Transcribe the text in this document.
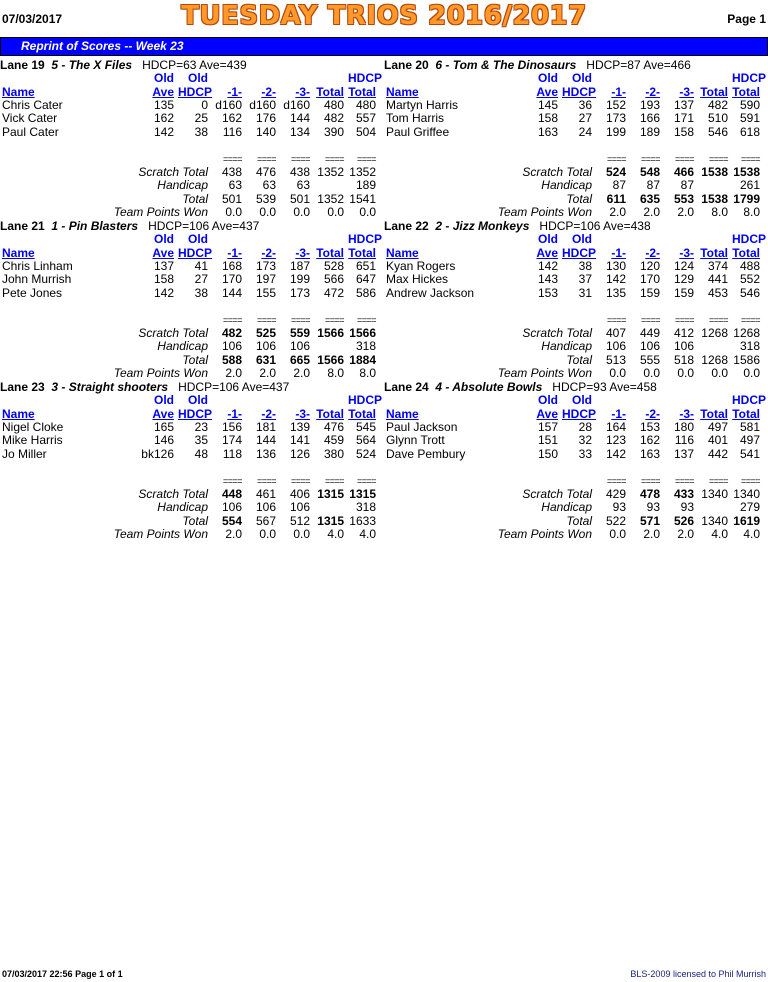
07/03/2017	TUESDAY TRIOS 2016/2017	Page 1
Reprint of Scores -- Week 23
Lane 19 5 - The X Files HDCP=63 Ave=439
	Old	Old					HDCP
Name	Ave	HDCP	-1-	-2-	-3-	Total	Total
Chris Cater	135	0	d160	d160	d160	480	480
Vick Cater	162	25	162	176	144	482	557
Paul Cater	142	38	116	140	134	390	504

			====	====	====	====	====
Scratch Total			438	476	438	1352	1352
Handicap			63	63	63		189
Total			501	539	501	1352	1541
Team Points Won			0.0	0.0	0.0	0.0	0.0
Lane 20 6 - Tom & The Dinosaurs HDCP=87 Ave=466
	Old	Old					HDCP
Name	Ave	HDCP	-1-	-2-	-3-	Total	Total
Martyn Harris	145	36	152	193	137	482	590
Tom Harris	158	27	173	166	171	510	591
Paul Griffee	163	24	199	189	158	546	618

			====	====	====	====	====
Scratch Total			524	548	466	1538	1538
Handicap			87	87	87		261
Total			611	635	553	1538	1799
Team Points Won			2.0	2.0	2.0	8.0	8.0
Lane 21 1 - Pin Blasters HDCP=106 Ave=437
	Old	Old					HDCP
Name	Ave	HDCP	-1-	-2-	-3-	Total	Total
Chris Linham	137	41	168	173	187	528	651
John Murrish	158	27	170	197	199	566	647
Pete Jones	142	38	144	155	173	472	586

			====	====	====	====	====
Scratch Total			482	525	559	1566	1566
Handicap			106	106	106		318
Total			588	631	665	1566	1884
Team Points Won			2.0	2.0	2.0	8.0	8.0
Lane 22 2 - Jizz Monkeys HDCP=106 Ave=438
	Old	Old					HDCP
Name	Ave	HDCP	-1-	-2-	-3-	Total	Total
Kyan Rogers	142	38	130	120	124	374	488
Max Hickes	143	37	142	170	129	441	552
Andrew Jackson	153	31	135	159	159	453	546

			====	====	====	====	====
Scratch Total			407	449	412	1268	1268
Handicap			106	106	106		318
Total			513	555	518	1268	1586
Team Points Won			0.0	0.0	0.0	0.0	0.0
Lane 23 3 - Straight shooters HDCP=106 Ave=437
	Old	Old					HDCP
Name	Ave	HDCP	-1-	-2-	-3-	Total	Total
Nigel Cloke	165	23	156	181	139	476	545
Mike Harris	146	35	174	144	141	459	564
Jo Miller	bk126	48	118	136	126	380	524

			====	====	====	====	====
Scratch Total			448	461	406	1315	1315
Handicap			106	106	106		318
Total			554	567	512	1315	1633
Team Points Won			2.0	0.0	0.0	4.0	4.0
Lane 24 4 - Absolute Bowls HDCP=93 Ave=458
	Old	Old					HDCP
Name	Ave	HDCP	-1-	-2-	-3-	Total	Total
Paul Jackson	157	28	164	153	180	497	581
Glynn Trott	151	32	123	162	116	401	497
Dave Pembury	150	33	142	163	137	442	541

			====	====	====	====	====
Scratch Total			429	478	433	1340	1340
Handicap			93	93	93		279
Total			522	571	526	1340	1619
Team Points Won			0.0	2.0	2.0	4.0	4.0
07/03/2017 22:56 Page 1 of 1	BLS-2009 licensed to Phil Murrish
